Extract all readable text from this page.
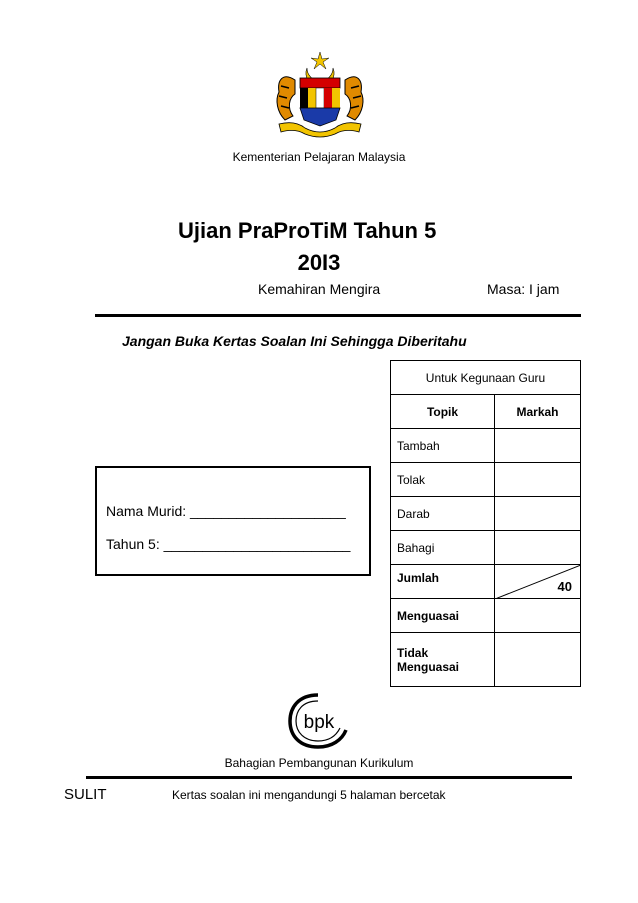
Kementerian Pelajaran Malaysia
Ujian PraProTiM Tahun 5
20I3
Kemahiran Mengira	Masa: I jam
Jangan Buka Kertas Soalan Ini Sehingga Diberitahu
Nama Murid: ____________________
Tahun 5: ________________________
Untuk Kegunaan Guru	
Topik	Markah
Tambah	
Tolak	
Darab	
Bahagi	
Jumlah	40

Menguasai	
Tidak Menguasai	
bpk
Bahagian Pembangunan Kurikulum
SULIT	Kertas soalan ini mengandungi 5 halaman bercetak
